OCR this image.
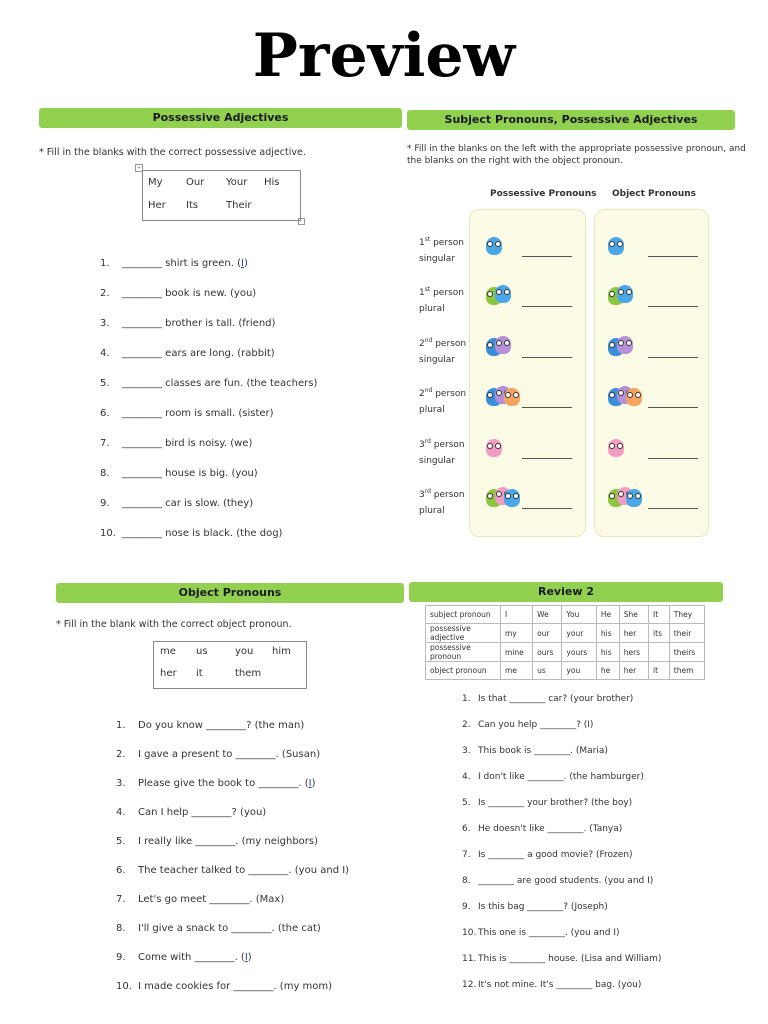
Preview
Possessive Adjectives
* Fill in the blanks with the correct possessive adjective.
+
My Our Your His
Her Its	Their
1. ________ shirt is green. (I)
2. ________ book is new. (you)
3. ________ brother is tall. (friend)
4. ________ ears are long. (rabbit)
5. ________ classes are fun. (the teachers)
6. ________ room is small. (sister)
7. ________ bird is noisy. (we)
8. ________ house is big. (you)
9. ________ car is slow. (they)
10. ________ nose is black. (the dog)
Subject Pronouns, Possessive Adjectives
* Fill in the blanks on the left with the appropriate possessive pronoun, and
the blanks on the right with the object pronoun.
Possessive Pronouns Object Pronouns
1st person
singular
1st person
plural
2nd person
singular
2nd person
plural
3rd person
singular
3rd person
plural
Object Pronouns
* Fill in the blank with the correct object pronoun.
me us	you him
her it	them
1. Do you know ________? (the man)
2. I gave a present to ________. (Susan)
3. Please give the book to ________. (I)
4. Can I help ________? (you)
5. I really like ________. (my neighbors)
6. The teacher talked to ________. (you and I)
7. Let's go meet ________. (Max)
8. I'll give a snack to ________. (the cat)
9. Come with ________. (I)
10. I made cookies for ________. (my mom)
Review 2
subject pronoun	I	We	You	He	She	It	They
possessive adjective	my	our	your	his	her	its	their
possessive pronoun	mine	ours	yours	his	hers		theirs
object pronoun	me	us	you	he	her	it	them
1. Is that ________ car? (your brother)
2. Can you help ________? (I)
3. This book is ________. (Maria)
4. I don't like ________. (the hamburger)
5. Is ________ your brother? (the boy)
6. He doesn't like ________. (Tanya)
7. Is ________ a good movie? (Frozen)
8. ________ are good students. (you and I)
9. Is this bag ________? (Joseph)
10. This one is ________. (you and I)
11. This is ________ house. (Lisa and William)
12. It's not mine. It's ________ bag. (you)
